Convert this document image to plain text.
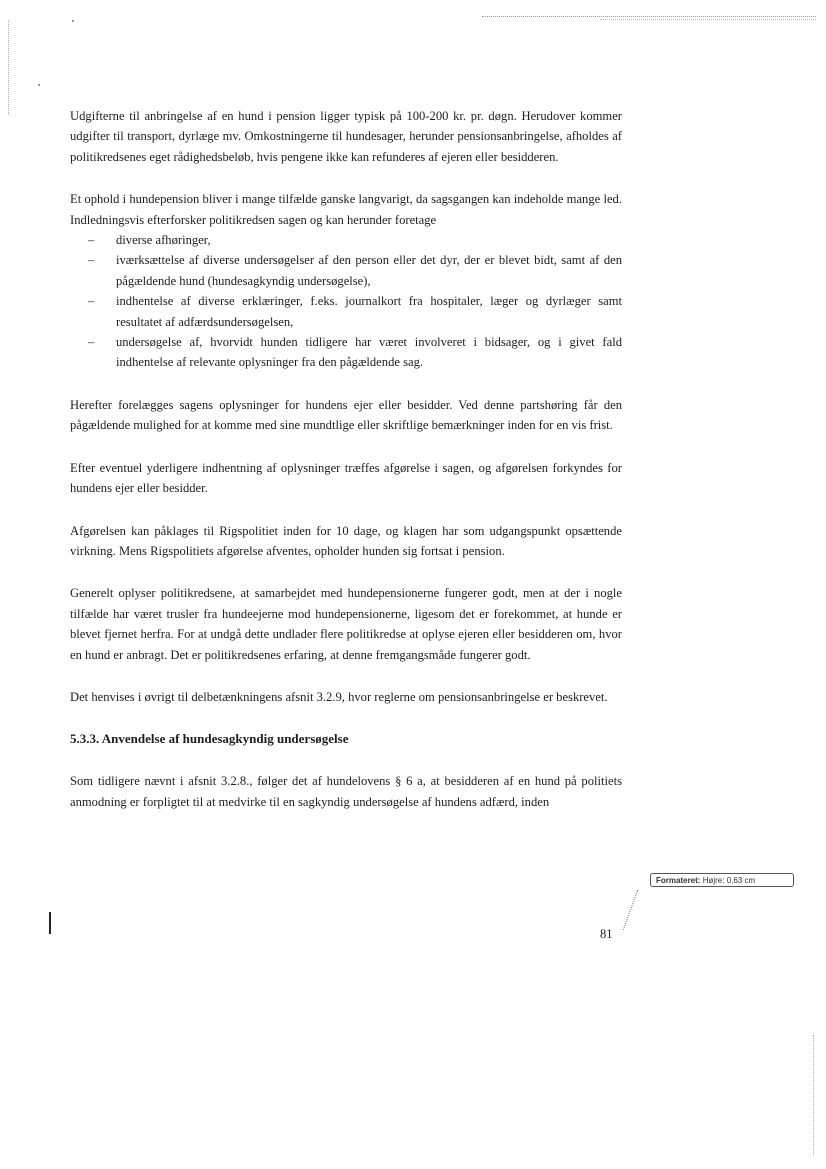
Udgifterne til anbringelse af en hund i pension ligger typisk på 100-200 kr. pr. døgn. Herudover kommer udgifter til transport, dyrlæge mv. Omkostningerne til hundesager, herunder pensionsanbringelse, afholdes af politikredsenes eget rådighedsbeløb, hvis pengene ikke kan refunderes af ejeren eller besidderen.

Et ophold i hundepension bliver i mange tilfælde ganske langvarigt, da sagsgangen kan indeholde mange led. Indledningsvis efterforsker politikredsen sagen og kan herunder foretage

– diverse afhøringer,
– iværksættelse af diverse undersøgelser af den person eller det dyr, der er blevet bidt, samt af den pågældende hund (hundesagkyndig undersøgelse),
– indhentelse af diverse erklæringer, f.eks. journalkort fra hospitaler, læger og dyrlæger samt resultatet af adfærdsundersøgelsen,
– undersøgelse af, hvorvidt hunden tidligere har været involveret i bidsager, og i givet fald indhentelse af relevante oplysninger fra den pågældende sag.

Herefter forelægges sagens oplysninger for hundens ejer eller besidder. Ved denne partshøring får den pågældende mulighed for at komme med sine mundtlige eller skriftlige bemærkninger inden for en vis frist.

Efter eventuel yderligere indhentning af oplysninger træffes afgørelse i sagen, og afgørelsen forkyndes for hundens ejer eller besidder.

Afgørelsen kan påklages til Rigspolitiet inden for 10 dage, og klagen har som udgangspunkt opsættende virkning. Mens Rigspolitiets afgørelse afventes, opholder hunden sig fortsat i pension.

Generelt oplyser politikredsene, at samarbejdet med hundepensionerne fungerer godt, men at der i nogle tilfælde har været trusler fra hundeejerne mod hundepensionerne, ligesom det er forekommet, at hunde er blevet fjernet herfra. For at undgå dette undlader flere politikredse at oplyse ejeren eller besidderen om, hvor en hund er anbragt. Det er politikredsenes erfaring, at denne fremgangsmåde fungerer godt.

Det henvises i øvrigt til delbetænkningens afsnit 3.2.9, hvor reglerne om pensionsanbringelse er beskrevet.

5.3.3. Anvendelse af hundesagkyndig undersøgelse

Som tidligere nævnt i afsnit 3.2.8., følger det af hundelovens § 6 a, at besidderen af en hund på politiets anmodning er forpligtet til at medvirke til en sagkyndig undersøgelse af hundens adfærd, inden

Formateret: Højre: 0,63 cm
81
